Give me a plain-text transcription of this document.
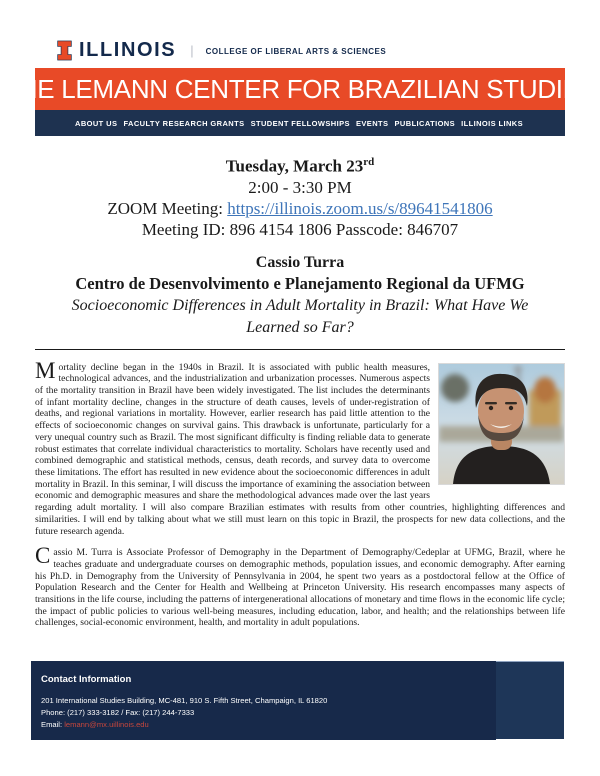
ILLINOIS | COLLEGE OF LIBERAL ARTS & SCIENCES
THE LEMANN CENTER FOR BRAZILIAN STUDIES
ABOUT US FACULTY RESEARCH GRANTS STUDENT FELLOWSHIPS EVENTS PUBLICATIONS ILLINOIS LINKS
Tuesday, March 23rd
2:00 - 3:30 PM
ZOOM Meeting: https://illinois.zoom.us/s/89641541806
Meeting ID: 896 4154 1806 Passcode: 846707
Cassio Turra
Centro de Desenvolvimento e Planejamento Regional da UFMG
Socioeconomic Differences in Adult Mortality in Brazil: What Have We Learned so Far?

Mortality decline began in the 1940s in Brazil. It is associated with public health measures, technological advances, and the industrialization and urbanization processes. Numerous aspects of the mortality transition in Brazil have been widely investigated. The list includes the determinants of infant mortality decline, changes in the structure of death causes, levels of under-registration of deaths, and regional variations in mortality. However, earlier research has paid little attention to the effects of socioeconomic changes on survival gains. This drawback is unfortunate, particularly for a very unequal country such as Brazil. The most significant difficulty is finding reliable data to generate robust estimates that correlate individual characteristics to mortality. Scholars have recently used and combined demographic and statistical methods, census, death records, and survey data to overcome these limitations. The effort has resulted in new evidence about the socioeconomic differences in adult mortality in Brazil. In this seminar, I will discuss the importance of examining the association between economic and demographic measures and share the methodological advances made over the last years regarding adult mortality. I will also compare Brazilian estimates with results from other countries, highlighting differences and similarities. I will end by talking about what we still must learn on this topic in Brazil, the prospects for new data collections, and the future research agenda.

Cassio M. Turra is Associate Professor of Demography in the Department of Demography/Cedeplar at UFMG, Brazil, where he teaches graduate and undergraduate courses on demographic methods, population issues, and economic demography. After earning his Ph.D. in Demography from the University of Pennsylvania in 2004, he spent two years as a postdoctoral fellow at the Office of Population Research and the Center for Health and Wellbeing at Princeton University. His research encompasses many aspects of transitions in the life course, including the patterns of intergenerational allocations of monetary and time flows in the economic life cycle; the impact of public policies to various well-being measures, including education, labor, and health; and the relationships between life challenges, social-economic environment, health, and mortality in adult populations.

Contact Information
201 International Studies Building, MC-481, 910 S. Fifth Street, Champaign, IL 61820
Phone: (217) 333-3182 / Fax: (217) 244-7333
Email: lemann@mx.uillinois.edu
